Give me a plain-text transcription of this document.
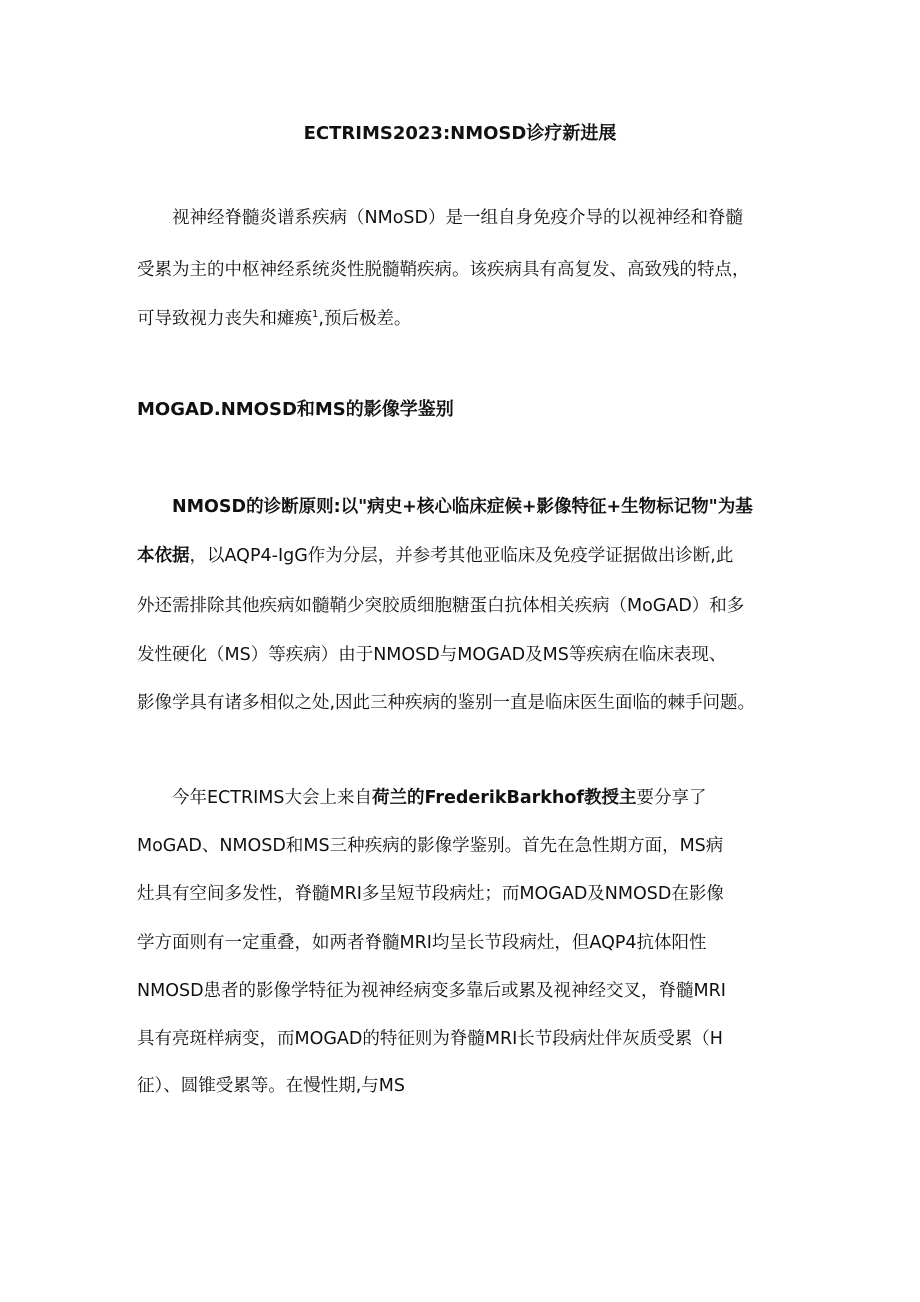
ECTRIMS2023:NMOSD诊疗新进展
视神经脊髓炎谱系疾病（NMoSD）是一组自身免疫介导的以视神经和脊髓
受累为主的中枢神经系统炎性脱髓鞘疾病。该疾病具有高复发、高致残的特点，
可导致视力丧失和瘫痪$^1$,预后极差。
MOGAD.NMOSD和MS的影像学鉴别
NMOSD的诊断原则:以"病史+核心临床症候+影像特征+生物标记物"为基
本依据，以AQP4-IgG作为分层，并参考其他亚临床及免疫学证据做出诊断,此
外还需排除其他疾病如髓鞘少突胶质细胞糖蛋白抗体相关疾病（MoGAD）和多
发性硬化（MS）等疾病）由于NMOSD与MOGAD及MS等疾病在临床表现、
影像学具有诸多相似之处,因此三种疾病的鉴别一直是临床医生面临的棘手问题。
今年ECTRIMS大会上来自荷兰的FrederikBarkhof教授主要分享了
MoGAD、NMOSD和MS三种疾病的影像学鉴别。首先在急性期方面，MS病
灶具有空间多发性，脊髓MRI多呈短节段病灶；而MOGAD及NMOSD在影像
学方面则有一定重叠，如两者脊髓MRI均呈长节段病灶，但AQP4抗体阳性
NMOSD患者的影像学特征为视神经病变多靠后或累及视神经交叉，脊髓MRI
具有亮斑样病变，而MOGAD的特征则为脊髓MRI长节段病灶伴灰质受累（H
征）、圆锥受累等。在慢性期,与MS
